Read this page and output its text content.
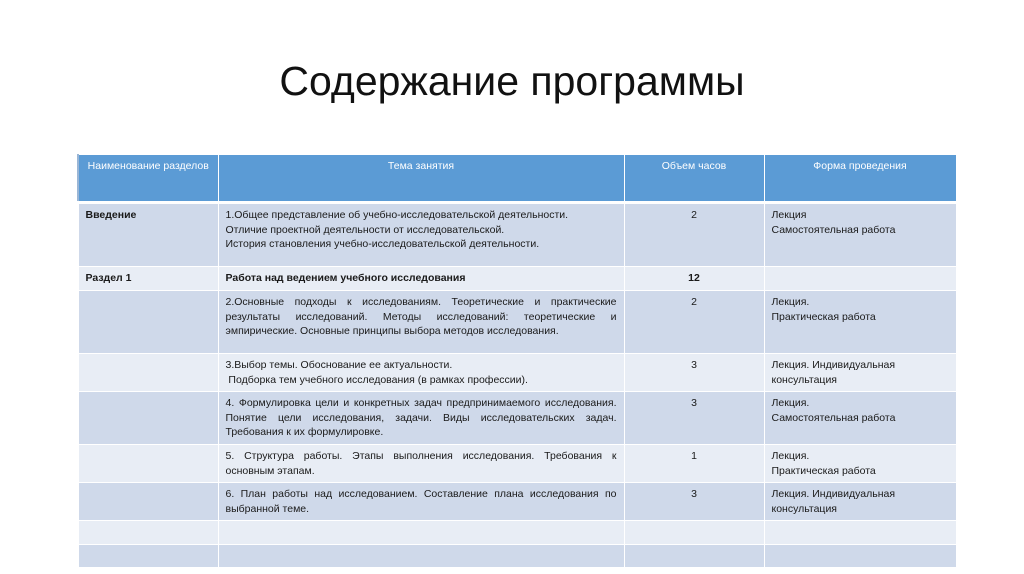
Содержание программы
Наименование разделов	Тема занятия	Объем часов	Форма проведения
Введение	1.Общее представление об учебно-исследовательской деятельности.
Отличие проектной деятельности от исследовательской.
История становления учебно-исследовательской деятельности.	2	Лекция
Самостоятельная работа

Раздел 1	Работа над ведением учебного исследования	12	
	2.Основные подходы к исследованиям. Теоретические и практические результаты исследований. Методы исследований: теоретические и эмпирические. Основные принципы выбора методов исследования.	2	Лекция.
Практическая работа

	3.Выбор темы. Обоснование ее актуальности.
Подборка тем учебного исследования (в рамках профессии).	3	Лекция. Индивидуальная консультация
	4. Формулировка цели и конкретных задач предпринимаемого исследования. Понятие цели исследования, задачи. Виды исследовательских задач. Требования к их формулировке.	3	Лекция.
Самостоятельная работа

	5. Структура работы. Этапы выполнения исследования. Требования к основным этапам.	1	Лекция.
Практическая работа

	6. План работы над исследованием. Составление плана исследования по выбранной теме.	3	Лекция. Индивидуальная консультация
